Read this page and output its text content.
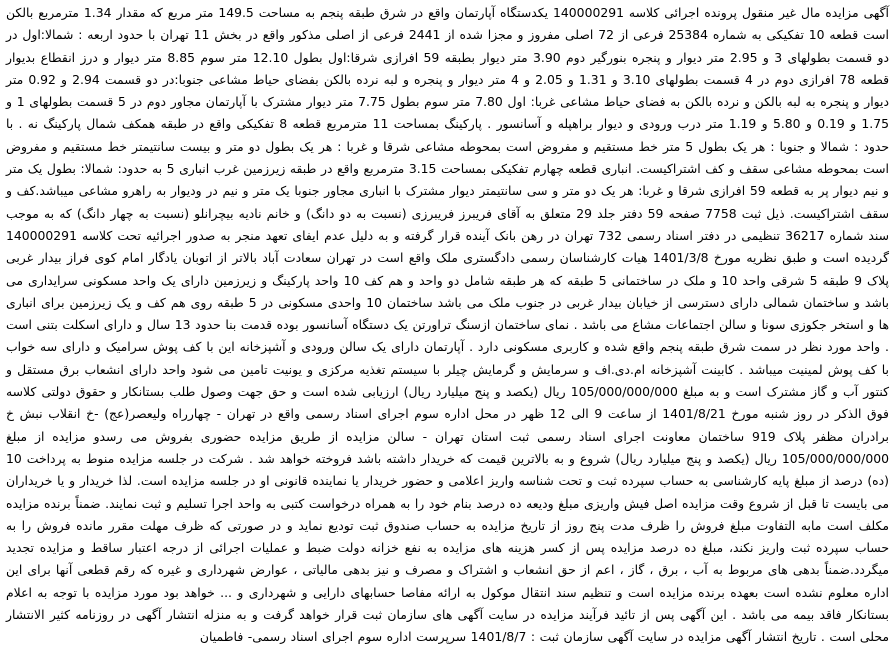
آگهی مزایده مال غیر منقول پرونده اجرائی کلاسه 140000291 یکدستگاه آپارتمان واقع در شرق طبقه پنجم به مساحت 149.5 متر مربع که مقدار 1.34 مترمربع بالکن است قطعه 10 تفکیکی به شماره 25384 فرعی از 72 اصلی مفروز و مجزا شده از 2441 فرعی از اصلی مذکور واقع در بخش 11 تهران با حدود اربعه : شمالا:اول در دو قسمت بطولهای 3 و 2.95 متر دیوار و پنجره بنورگیر دوم 3.90 متر دیوار بطبقه 59 افرازی شرقا:اول بطول 12.10 متر سوم 8.85 متر دیوار و درز انقطاع بدیوار قطعه 78 افرازی دوم در 4 قسمت بطولهای 3.10 و 1.31 و 2.05 و 4 متر دیوار و پنجره و لبه نرده بالکن بفضای حیاط مشاعی جنوبا:در دو قسمت 2.94 و 0.92 متر دیوار و پنجره به لبه بالکن و نرده بالکن به فضای حیاط مشاعی غربا: اول 7.80 متر سوم بطول 7.75 متر دیوار مشترک با آپارتمان مجاور دوم در 5 قسمت بطولهای 1 و 1.75 و 0.19 و 5.80 و 1.19 متر درب ورودی و دیوار براهپله و آسانسور . پارکینگ بمساحت 11 مترمربع قطعه 8 تفکیکی واقع در طبقه همکف شمال پارکینگ نه . با حدود : شمالا و جنوبا : هر یک بطول 5 متر خط مستقیم و مفروض است بمحوطه مشاعی شرقا و غربا : هر یک بطول دو متر و بیست سانتیمتر خط مستقیم و مفروض است بمحوطه مشاعی سقف و کف اشتراکیست. انباری قطعه چهارم تفکیکی بمساحت 3.15 مترمربع واقع در طبقه زیرزمین غرب انباری 5 به حدود: شمالا: بطول یک متر و نیم دیوار پر به قطعه 59 افرازی شرقا و غربا: هر یک دو متر و سی سانتیمتر دیوار مشترک با انباری مجاور جنوبا یک متر و نیم در ودیوار به راهرو مشاعی میباشد.کف و سقف اشتراکیست. ذیل ثبت 7758 صفحه 59 دفتر جلد 29 متعلق به آقای فریبرز فریبرزی (نسبت به دو دانگ) و خانم نادیه بیچرانلو (نسبت به چهار دانگ) که به موجب سند شماره 36217 تنظیمی در دفتر اسناد رسمی 732 تهران در رهن بانک آینده قرار گرفته و به دلیل عدم ایفای تعهد منجر به صدور اجرائیه تحت کلاسه 140000291 گردیده است و طبق نظریه مورخ 1401/3/8 هیات کارشناسان رسمی دادگستری ملک واقع است در تهران سعادت آباد بالاتر از اتوبان یادگار امام کوی فراز بیدار غربی پلاک 9 طبقه 5 شرقی واحد 10 و ملک در ساختمانی 5 طبقه که هر طبقه شامل دو واحد و هم کف 10 واحد پارکینگ و زیرزمین دارای یک واحد مسکونی سرایداری می باشد و ساختمان شمالی دارای دسترسی از خیابان بیدار غربی در جنوب ملک می باشد ساختمان 10 واحدی مسکونی در 5 طبقه روی هم کف و یک زیرزمین برای انباری ها و استخر جکوزی سونا و سالن اجتماعات مشاع می باشد . نمای ساختمان ازسنگ تراورتن یک دستگاه آسانسور بوده قدمت بنا حدود 13 سال و دارای اسکلت بتنی است . واحد مورد نظر در سمت شرق طبقه پنجم واقع شده و کاربری مسکونی دارد . آپارتمان دارای یک سالن ورودی و آشپزخانه این با کف پوش سرامیک و دارای سه خواب با کف پوش لمینیت میباشد . کابینت آشپزخانه ام.دی.اف و سرمایش و گرمایش چیلر با سیستم تغذیه مرکزی و یونیت تامین می شود واحد دارای انشعاب برق مستقل و کنتور آب و گاز مشترک است و به مبلغ 105/000/000/000 ریال (یکصد و پنج میلیارد ریال) ارزیابی شده است و حق جهت وصول طلب بستانکار و حقوق دولتی کلاسه فوق الذکر در روز شنبه مورخ 1401/8/21 از ساعت 9 الی 12 ظهر در محل اداره سوم اجرای اسناد رسمی واقع در تهران - چهارراه ولیعصر(عج) -خ انقلاب نبش خ برادران مظفر پلاک 919 ساختمان معاونت اجرای اسناد رسمی ثبت استان تهران - سالن مزایده از طریق مزایده حضوری بفروش می رسدو مزایده از مبلغ 105/000/000/000 ریال (یکصد و پنج میلیارد ریال) شروع و به بالاترین قیمت که خریدار داشته باشد فروخته خواهد شد . شرکت در جلسه مزایده منوط به پرداخت 10 (ده) درصد از مبلغ پایه کارشناسی به حساب سپرده ثبت و تحت شناسه واریز اعلامی و حضور خریدار یا نماینده قانونی او در جلسه مزایده است. لذا خریدار و یا خریداران می بایست تا قبل از شروع وقت مزایده اصل فیش واریزی مبلغ ودیعه ده درصد بنام خود را به همراه درخواست کتبی به واحد اجرا تسلیم و ثبت نمایند. ضمناً برنده مزایده مکلف است مابه التفاوت مبلغ فروش را ظرف مدت پنج روز از تاریخ مزایده به حساب صندوق ثبت تودیع نماید و در صورتی که ظرف مهلت مقرر مانده فروش را به حساب سپرده ثبت واریز نکند، مبلغ ده درصد مزایده پس از کسر هزینه های مزایده به نفع خزانه دولت ضبط و عملیات اجرائی از درجه اعتبار ساقط و مزایده تجدید میگردد.ضمناً بدهی های مربوط به آب ، برق ، گاز ، اعم از حق انشعاب و اشتراک و مصرف و نیز بدهی مالیاتی ، عوارض شهرداری و غیره که رقم قطعی آنها برای این اداره معلوم نشده است بعهده برنده مزایده است و تنظیم سند انتقال موکول به ارائه مفاصا حسابهای دارایی و شهرداری و ... خواهد بود مورد مزایده با توجه به اعلام بستانکار فاقد بیمه می باشد . این آگهی پس از تائید فرآیند مزایده در سایت آگهی های سازمان ثبت قرار خواهد گرفت و به منزله انتشار آگهی در روزنامه کثیر الانتشار محلی است . تاریخ انتشار آگهی مزایده در سایت آگهی سازمان ثبت : 1401/8/7 سرپرست اداره سوم اجرای اسناد رسمی- فاطمیان
